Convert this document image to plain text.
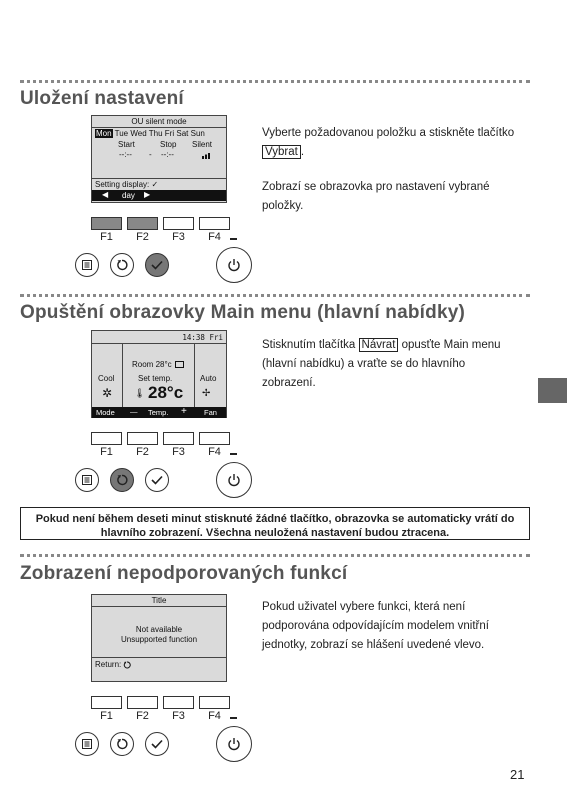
Uložení nastavení
OU silent mode
Mon Tue Wed Thu Fri Sat Sun
Start	Stop Silent
--:-- - --:--
Setting display: ✓
◀ day ▶
Vyberte požadovanou položku a stiskněte tlačítko Vybrat .
Zobrazí se obrazovka pro nastavení vybrané položky.
F1	F2	F3	F4
Opuštění obrazovky Main menu (hlavní nabídky)
14:38 Fri
Room 28°c
Cool	Set temp.	Auto
✲ 🌡 28°c ✢
Mode — Temp. + Fan
Stisknutím tlačítka Návrat opusťte Main menu (hlavní nabídku) a vraťte se do hlavního zobrazení.
F1	F2	F3	F4
Pokud není během deseti minut stisknuté žádné tlačítko, obrazovka se automaticky vrátí do hlavního zobrazení. Všechna neuložená nastavení budou ztracena.
Zobrazení nepodporovaných funkcí
Title
Not available
Unsupported function
Return:
Pokud uživatel vybere funkci, která není podporována odpovídajícím modelem vnitřní jednotky, zobrazí se hlášení uvedené vlevo.
F1	F2	F3	F4
21
